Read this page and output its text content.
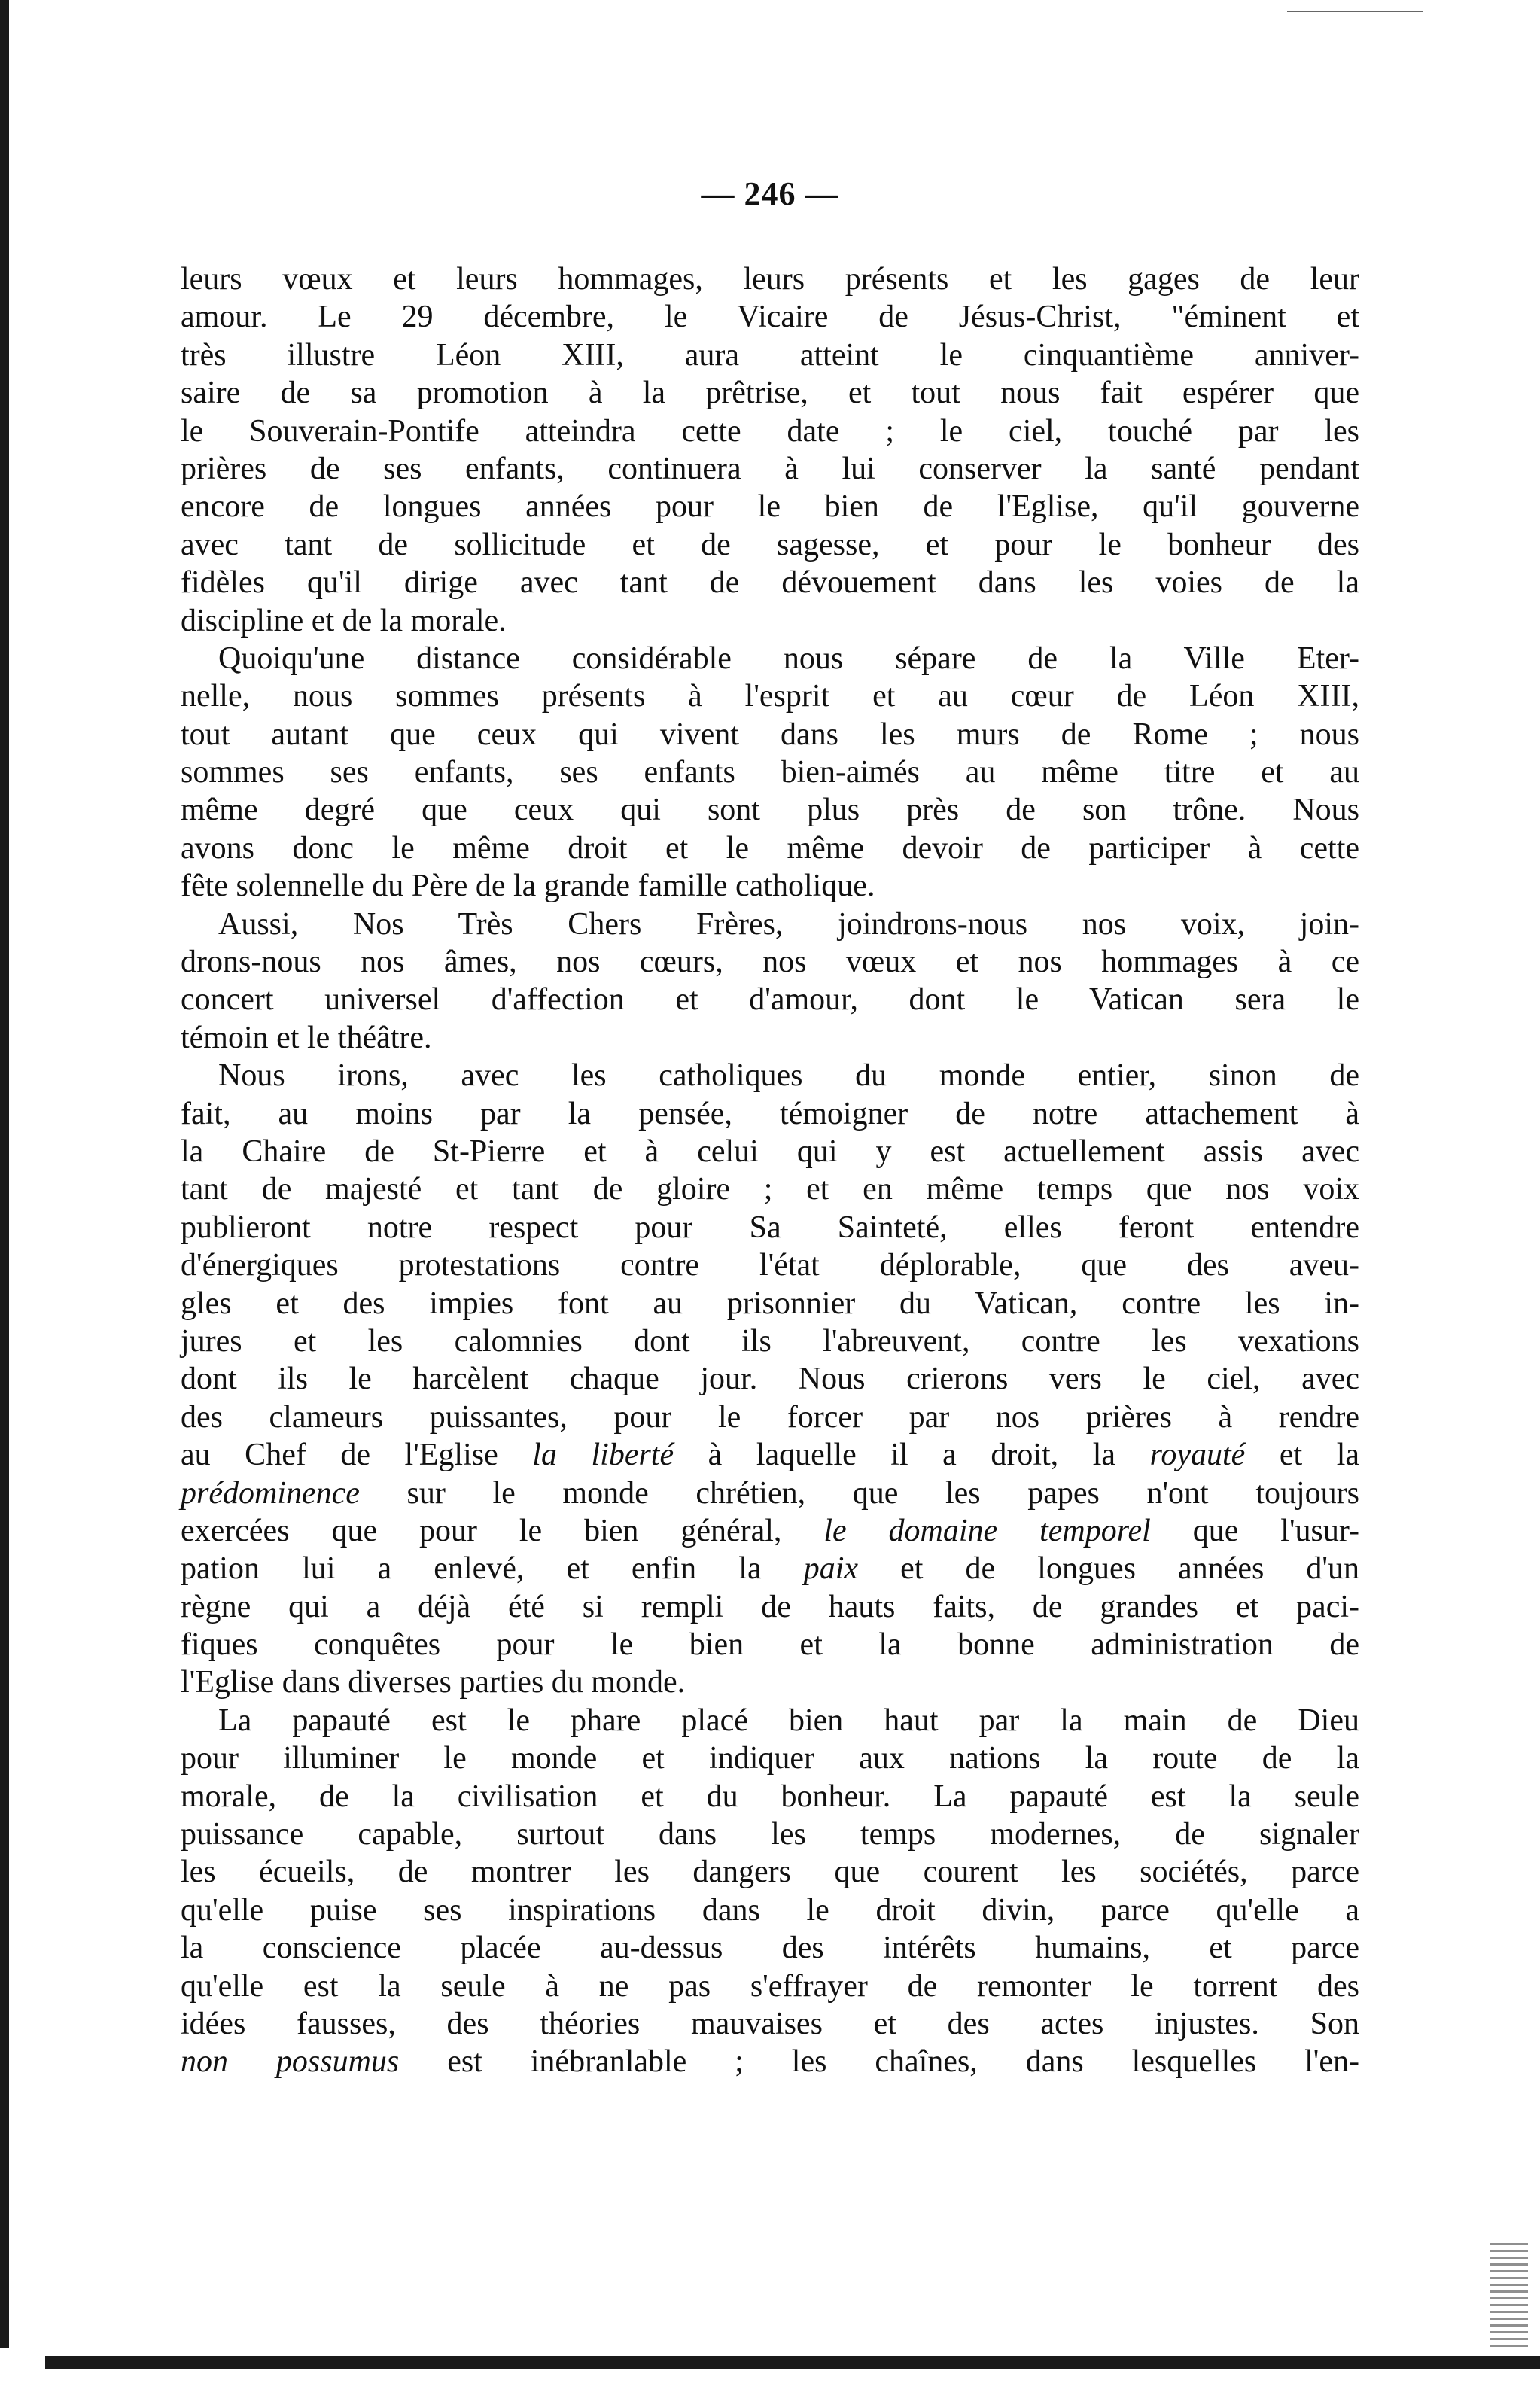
— 246 —
leurs vœux et leurs hommages, leurs présents et les gages de leur
amour. Le 29 décembre, le Vicaire de Jésus-Christ, "éminent et
très illustre Léon XIII, aura atteint le cinquantième anniver-
saire de sa promotion à la prêtrise, et tout nous fait espérer que
le Souverain-Pontife atteindra cette date ; le ciel, touché par les
prières de ses enfants, continuera à lui conserver la santé pendant
encore de longues années pour le bien de l'Eglise, qu'il gouverne
avec tant de sollicitude et de sagesse, et pour le bonheur des
fidèles qu'il dirige avec tant de dévouement dans les voies de la
discipline et de la morale.
Quoiqu'une distance considérable nous sépare de la Ville Eter-
nelle, nous sommes présents à l'esprit et au cœur de Léon XIII,
tout autant que ceux qui vivent dans les murs de Rome ; nous
sommes ses enfants, ses enfants bien-aimés au même titre et au
même degré que ceux qui sont plus près de son trône. Nous
avons donc le même droit et le même devoir de participer à cette
fête solennelle du Père de la grande famille catholique.
Aussi, Nos Très Chers Frères, joindrons-nous nos voix, join-
drons-nous nos âmes, nos cœurs, nos vœux et nos hommages à ce
concert universel d'affection et d'amour, dont le Vatican sera le
témoin et le théâtre.
Nous irons, avec les catholiques du monde entier, sinon de
fait, au moins par la pensée, témoigner de notre attachement à
la Chaire de St-Pierre et à celui qui y est actuellement assis avec
tant de majesté et tant de gloire ; et en même temps que nos voix
publieront notre respect pour Sa Sainteté, elles feront entendre
d'énergiques protestations contre l'état déplorable, que des aveu-
gles et des impies font au prisonnier du Vatican, contre les in-
jures et les calomnies dont ils l'abreuvent, contre les vexations
dont ils le harcèlent chaque jour. Nous crierons vers le ciel, avec
des clameurs puissantes, pour le forcer par nos prières à rendre
au Chef de l'Eglise la liberté à laquelle il a droit, la royauté et la
prédominence sur le monde chrétien, que les papes n'ont toujours
exercées que pour le bien général, le domaine temporel que l'usur-
pation lui a enlevé, et enfin la paix et de longues années d'un
règne qui a déjà été si rempli de hauts faits, de grandes et paci-
fiques conquêtes pour le bien et la bonne administration de
l'Eglise dans diverses parties du monde.
La papauté est le phare placé bien haut par la main de Dieu
pour illuminer le monde et indiquer aux nations la route de la
morale, de la civilisation et du bonheur. La papauté est la seule
puissance capable, surtout dans les temps modernes, de signaler
les écueils, de montrer les dangers que courent les sociétés, parce
qu'elle puise ses inspirations dans le droit divin, parce qu'elle a
la conscience placée au-dessus des intérêts humains, et parce
qu'elle est la seule à ne pas s'effrayer de remonter le torrent des
idées fausses, des théories mauvaises et des actes injustes. Son
non possumus est inébranlable ; les chaînes, dans lesquelles l'en-
